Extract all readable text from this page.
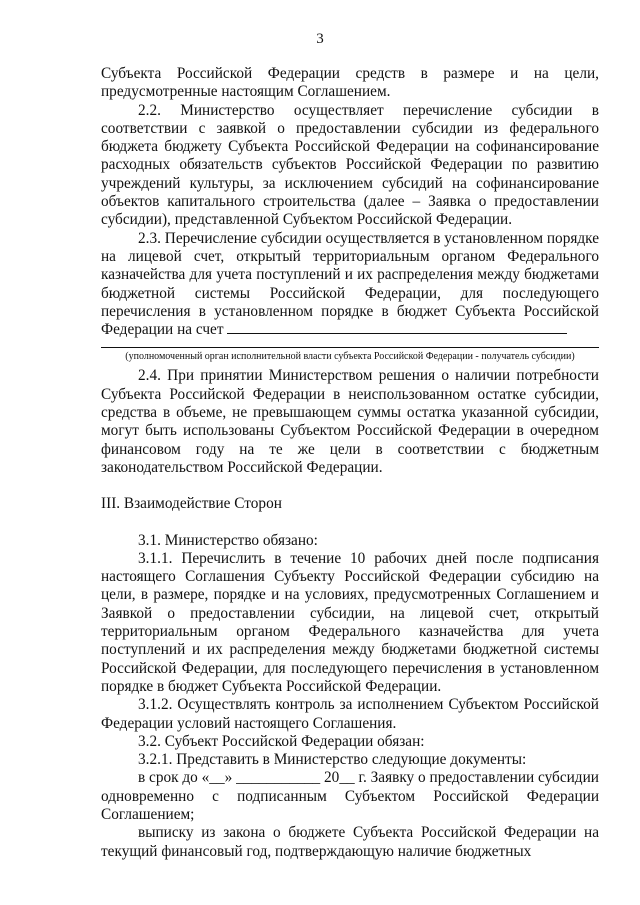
3

Субъекта Российской Федерации средств в размере и на цели, предусмотренные настоящим Соглашением.

2.2. Министерство осуществляет перечисление субсидии в соответствии с заявкой о предоставлении субсидии из федерального бюджета бюджету Субъекта Российской Федерации на софинансирование расходных обязательств субъектов Российской Федерации по развитию учреждений культуры, за исключением субсидий на софинансирование объектов капитального строительства (далее – Заявка о предоставлении субсидии), представленной Субъектом Российской Федерации.

2.3. Перечисление субсидии осуществляется в установленном порядке на лицевой счет, открытый территориальным органом Федерального казначейства для учета поступлений и их распределения между бюджетами бюджетной системы Российской Федерации, для последующего перечисления в установленном порядке в бюджет Субъекта Российской Федерации на счет

(уполномоченный орган исполнительной власти субъекта Российской Федерации - получатель субсидии)

2.4. При принятии Министерством решения о наличии потребности Субъекта Российской Федерации в неиспользованном остатке субсидии, средства в объеме, не превышающем суммы остатка указанной субсидии, могут быть использованы Субъектом Российской Федерации в очередном финансовом году на те же цели в соответствии с бюджетным законодательством Российской Федерации.

III. Взаимодействие Сторон

3.1. Министерство обязано:

3.1.1. Перечислить в течение 10 рабочих дней после подписания настоящего Соглашения Субъекту Российской Федерации субсидию на цели, в размере, порядке и на условиях, предусмотренных Соглашением и Заявкой о предоставлении субсидии, на лицевой счет, открытый территориальным органом Федерального казначейства для учета поступлений и их распределения между бюджетами бюджетной системы Российской Федерации, для последующего перечисления в установленном порядке в бюджет Субъекта Российской Федерации.

3.1.2. Осуществлять контроль за исполнением Субъектом Российской Федерации условий настоящего Соглашения.

3.2. Субъект Российской Федерации обязан:

3.2.1. Представить в Министерство следующие документы:

в срок до «__» ___________ 20__ г. Заявку о предоставлении субсидии

одновременно с подписанным Субъектом Российской Федерации Соглашением;

выписку из закона о бюджете Субъекта Российской Федерации на текущий финансовый год, подтверждающую наличие бюджетных
